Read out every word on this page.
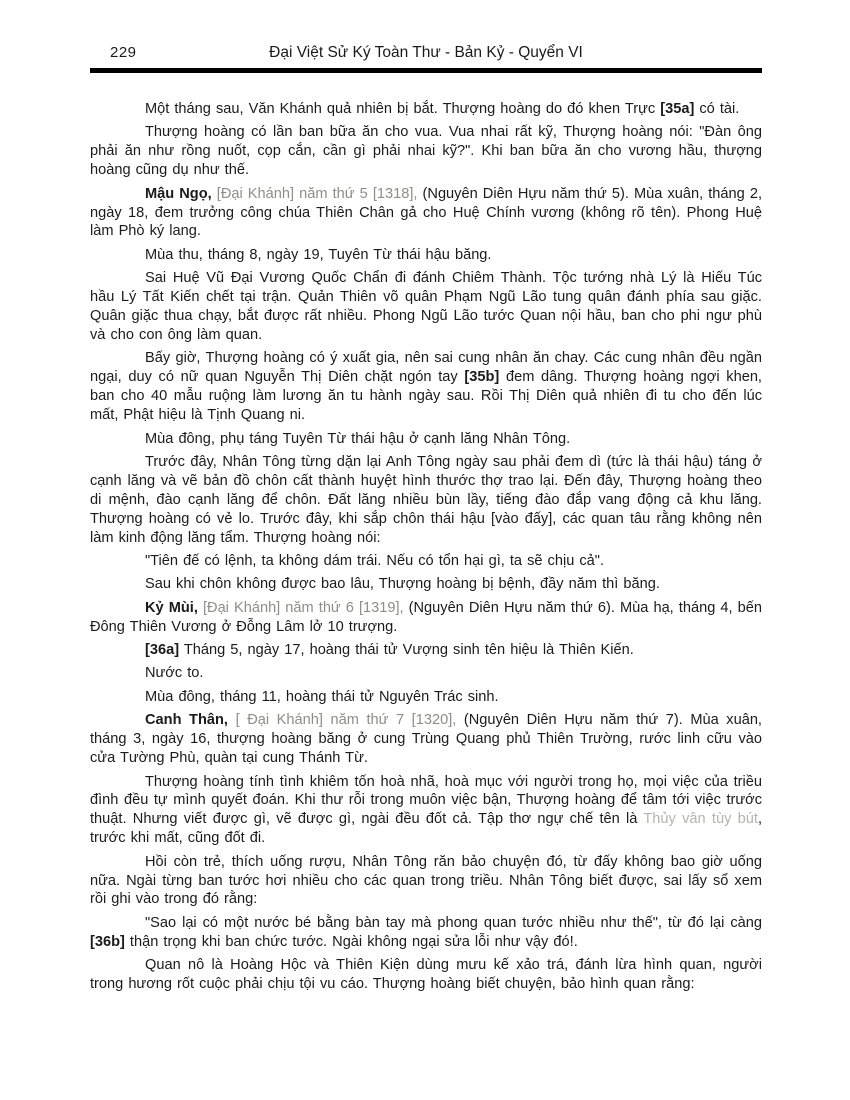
229	Đại Việt Sử Ký Toàn Thư - Bản Kỷ - Quyển VI

Một tháng sau, Văn Khánh quả nhiên bị bắt. Thượng hoàng do đó khen Trực [35a] có tài.

Thượng hoàng có lần ban bữa ăn cho vua. Vua nhai rất kỹ, Thượng hoàng nói: "Đàn ông phải ăn như rồng nuốt, cọp cắn, cần gì phải nhai kỹ?". Khi ban bữa ăn cho vương hầu, thượng hoàng cũng dụ như thế.

Mậu Ngọ, [Đại Khánh] năm thứ 5 [1318], (Nguyên Diên Hựu năm thứ 5). Mùa xuân, tháng 2, ngày 18, đem trưởng công chúa Thiên Chân gả cho Huệ Chính vương (không rõ tên). Phong Huệ làm Phò ký lang.

Mùa thu, tháng 8, ngày 19, Tuyên Từ thái hậu băng.

Sai Huệ Vũ Đại Vương Quốc Chẩn đi đánh Chiêm Thành. Tộc tướng nhà Lý là Hiếu Túc hầu Lý Tất Kiến chết tại trận. Quản Thiên võ quân Phạm Ngũ Lão tung quân đánh phía sau giặc. Quân giặc thua chạy, bắt được rất nhiều. Phong Ngũ Lão tước Quan nội hầu, ban cho phi ngư phù và cho con ông làm quan.

Bấy giờ, Thượng hoàng có ý xuất gia, nên sai cung nhân ăn chay. Các cung nhân đều ngần ngại, duy có nữ quan Nguyễn Thị Diên chặt ngón tay [35b] đem dâng. Thượng hoàng ngợi khen, ban cho 40 mẫu ruộng làm lương ăn tu hành ngày sau. Rồi Thị Diên quả nhiên đi tu cho đến lúc mất, Phật hiệu là Tịnh Quang ni.

Mùa đông, phụ táng Tuyên Từ thái hậu ở cạnh lăng Nhân Tông.

Trước đây, Nhân Tông từng dặn lại Anh Tông ngày sau phải đem dì (tức là thái hậu) táng ở cạnh lăng và vẽ bản đồ chôn cất thành huyệt hình thước thợ trao lại. Đến đây, Thượng hoàng theo di mệnh, đào cạnh lăng để chôn. Đất lăng nhiều bùn lầy, tiếng đào đắp vang động cả khu lăng. Thượng hoàng có vẻ lo. Trước đây, khi sắp chôn thái hậu [vào đấy], các quan tâu rằng không nên làm kinh động lăng tẩm. Thượng hoàng nói:

"Tiên đế có lệnh, ta không dám trái. Nếu có tổn hại gì, ta sẽ chịu cả".

Sau khi chôn không được bao lâu, Thượng hoàng bị bệnh, đầy năm thì băng.

Kỷ Mùi, [Đại Khánh] năm thứ 6 [1319], (Nguyên Diên Hựu năm thứ 6). Mùa hạ, tháng 4, bến Đông Thiên Vương ở Đỗng Lâm lở 10 trượng.

[36a] Tháng 5, ngày 17, hoàng thái tử Vượng sinh tên hiệu là Thiên Kiến.

Nước to.

Mùa đông, tháng 11, hoàng thái tử Nguyên Trác sinh.

Canh Thân, [ Đại Khánh] năm thứ 7 [1320], (Nguyên Diên Hựu năm thứ 7). Mùa xuân, tháng 3, ngày 16, thượng hoàng băng ở cung Trùng Quang phủ Thiên Trường, rước linh cữu vào cửa Tường Phù, quàn tại cung Thánh Từ.

Thượng hoàng tính tình khiêm tốn hoà nhã, hoà mục với người trong họ, mọi việc của triều đình đều tự mình quyết đoán. Khi thư rỗi trong muôn việc bận, Thượng hoàng để tâm tới việc trước thuật. Nhưng viết được gì, vẽ được gì, ngài đều đốt cả. Tập thơ ngự chế tên là Thủy vân tùy bút, trước khi mất, cũng đốt đi.

Hồi còn trẻ, thích uống rượu, Nhân Tông răn bảo chuyện đó, từ đấy không bao giờ uống nữa. Ngài từng ban tước hơi nhiều cho các quan trong triều. Nhân Tông biết được, sai lấy sổ xem rồi ghi vào trong đó rằng:

"Sao lại có một nước bé bằng bàn tay mà phong quan tước nhiều như thế", từ đó lại càng [36b] thận trọng khi ban chức tước. Ngài không ngại sửa lỗi như vậy đó!.

Quan nô là Hoàng Hộc và Thiên Kiện dùng mưu kế xảo trá, đánh lừa hình quan, người trong hương rốt cuộc phải chịu tội vu cáo. Thượng hoàng biết chuyện, bảo hình quan rằng:
